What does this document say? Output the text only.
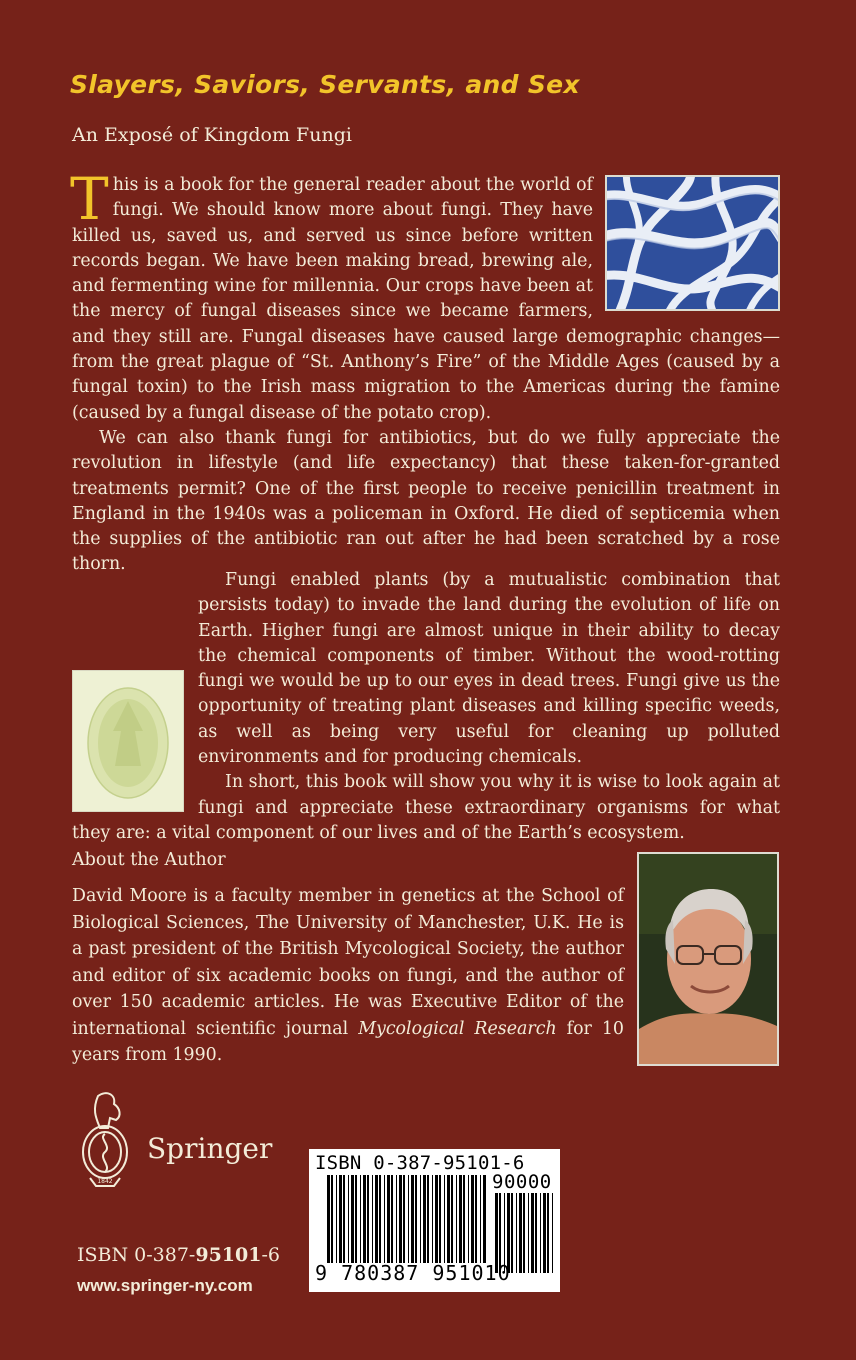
Slayers, Saviors, Servants, and Sex
An Exposé of Kingdom Fungi

This is a book for the general reader about the world of fungi. We should know more about fungi. They have killed us, saved us, and served us since before written records began. We have been making bread, brewing ale, and fermenting wine for millennia. Our crops have been at the mercy of fungal diseases since we became farmers, and they still are. Fungal diseases have caused large demographic changes—from the great plague of “St. Anthony’s Fire” of the Middle Ages (caused by a fungal toxin) to the Irish mass migration to the Americas during the famine (caused by a fungal disease of the potato crop).

We can also thank fungi for antibiotics, but do we fully appreciate the revolution in lifestyle (and life expectancy) that these taken-for-granted treatments permit? One of the first people to receive penicillin treatment in England in the 1940s was a policeman in Oxford. He died of septicemia when the supplies of the antibiotic ran out after he had been scratched by a rose thorn.

Fungi enabled plants (by a mutualistic combination that persists today) to invade the land during the evolution of life on Earth. Higher fungi are almost unique in their ability to decay the chemical components of timber. Without the wood-rotting fungi we would be up to our eyes in dead trees. Fungi give us the opportunity of treating plant diseases and killing specific weeds, as well as being very useful for cleaning up polluted environments and for producing chemicals.

In short, this book will show you why it is wise to look again at fungi and appreciate these extraordinary organisms for what they are: a vital component of our lives and of the Earth’s ecosystem.

About the Author
David Moore is a faculty member in genetics at the School of Biological Sciences, The University of Manchester, U.K. He is a past president of the British Mycological Society, the author and editor of six academic books on fungi, and the author of over 150 academic articles. He was Executive Editor of the international scientific journal Mycological Research for 10 years from 1990.
1842
Springer
ISBN 0-387-95101-6
www.springer-ny.com
ISBN 0-387-95101-6
90000
9 780387 951010
